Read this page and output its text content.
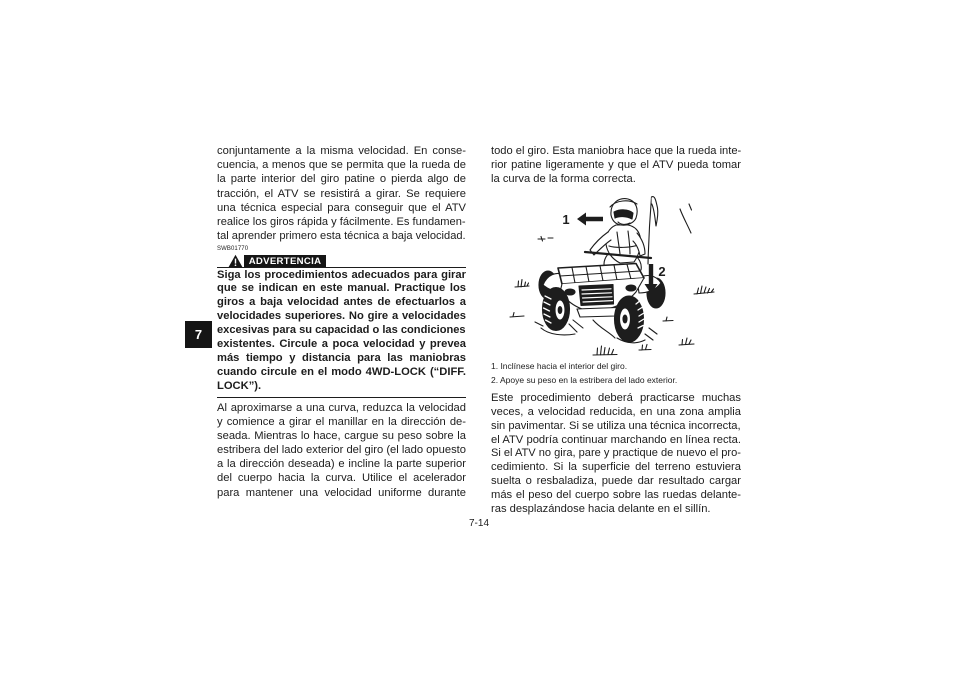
7
conjuntamente a la misma velocidad. En conse-
cuencia, a menos que se permita que la rueda de
la parte interior del giro patine o pierda algo de
tracción, el ATV se resistirá a girar. Se requiere
una técnica especial para conseguir que el ATV
realice los giros rápida y fácilmente. Es fundamen-
tal aprender primero esta técnica a baja velocidad.
SWB01770
ADVERTENCIA
Siga los procedimientos adecuados para girar
que se indican en este manual. Practique los
giros a baja velocidad antes de efectuarlos a
velocidades superiores. No gire a velocidades
excesivas para su capacidad o las condiciones
existentes. Circule a poca velocidad y prevea
más tiempo y distancia para las maniobras
cuando circule en el modo 4WD-LOCK (“DIFF.
LOCK”).
Al aproximarse a una curva, reduzca la velocidad
y comience a girar el manillar en la dirección de-
seada. Mientras lo hace, cargue su peso sobre la
estribera del lado exterior del giro (el lado opuesto
a la dirección deseada) e incline la parte superior
del cuerpo hacia la curva. Utilice el acelerador
para mantener una velocidad uniforme durante
todo el giro. Esta maniobra hace que la rueda inte-
rior patine ligeramente y que el ATV pueda tomar
la curva de la forma correcta.
1
2
1. Inclínese hacia el interior del giro.
2. Apoye su peso en la estribera del lado exterior.
Este procedimiento deberá practicarse muchas
veces, a velocidad reducida, en una zona amplia
sin pavimentar. Si se utiliza una técnica incorrecta,
el ATV podría continuar marchando en línea recta.
Si el ATV no gira, pare y practique de nuevo el pro-
cedimiento. Si la superficie del terreno estuviera
suelta o resbaladiza, puede dar resultado cargar
más el peso del cuerpo sobre las ruedas delante-
ras desplazándose hacia delante en el sillín.
7-14
